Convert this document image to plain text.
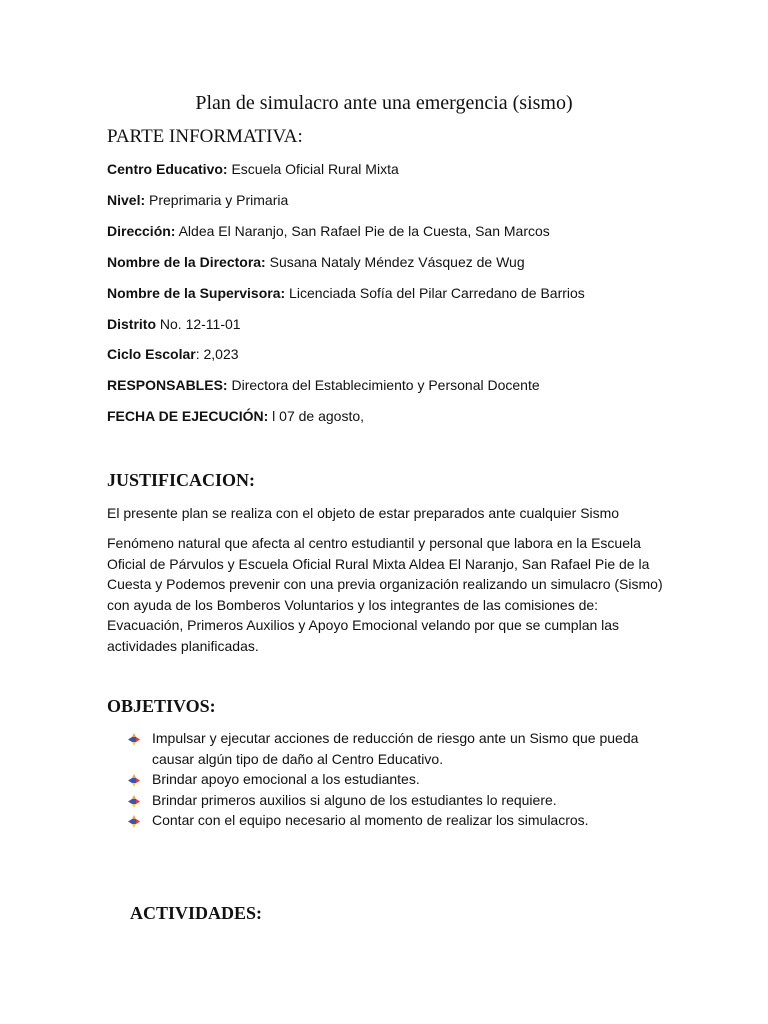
Plan de simulacro ante una emergencia (sismo)
PARTE INFORMATIVA:
Centro Educativo: Escuela Oficial Rural Mixta
Nivel: Preprimaria y Primaria
Dirección: Aldea El Naranjo, San Rafael Pie de la Cuesta, San Marcos
Nombre de la Directora: Susana Nataly Méndez Vásquez de Wug
Nombre de la Supervisora: Licenciada Sofía del Pilar Carredano de Barrios
Distrito No. 12-11-01
Ciclo Escolar: 2,023
RESPONSABLES: Directora del Establecimiento y Personal Docente
FECHA DE EJECUCIÓN: l 07 de agosto,
JUSTIFICACION:
El presente plan se realiza con el objeto de estar preparados ante cualquier Sismo
Fenómeno natural que afecta al centro estudiantil y personal que labora en la Escuela
Oficial de Párvulos y Escuela Oficial Rural Mixta Aldea El Naranjo, San Rafael Pie de la
Cuesta y Podemos prevenir con una previa organización realizando un simulacro (Sismo)
con ayuda de los Bomberos Voluntarios y los integrantes de las comisiones de:
Evacuación, Primeros Auxilios y Apoyo Emocional velando por que se cumplan las
actividades planificadas.
OBJETIVOS:
Impulsar y ejecutar acciones de reducción de riesgo ante un Sismo que pueda
causar algún tipo de daño al Centro Educativo.
Brindar apoyo emocional a los estudiantes.
Brindar primeros auxilios si alguno de los estudiantes lo requiere.
Contar con el equipo necesario al momento de realizar los simulacros.
ACTIVIDADES:
